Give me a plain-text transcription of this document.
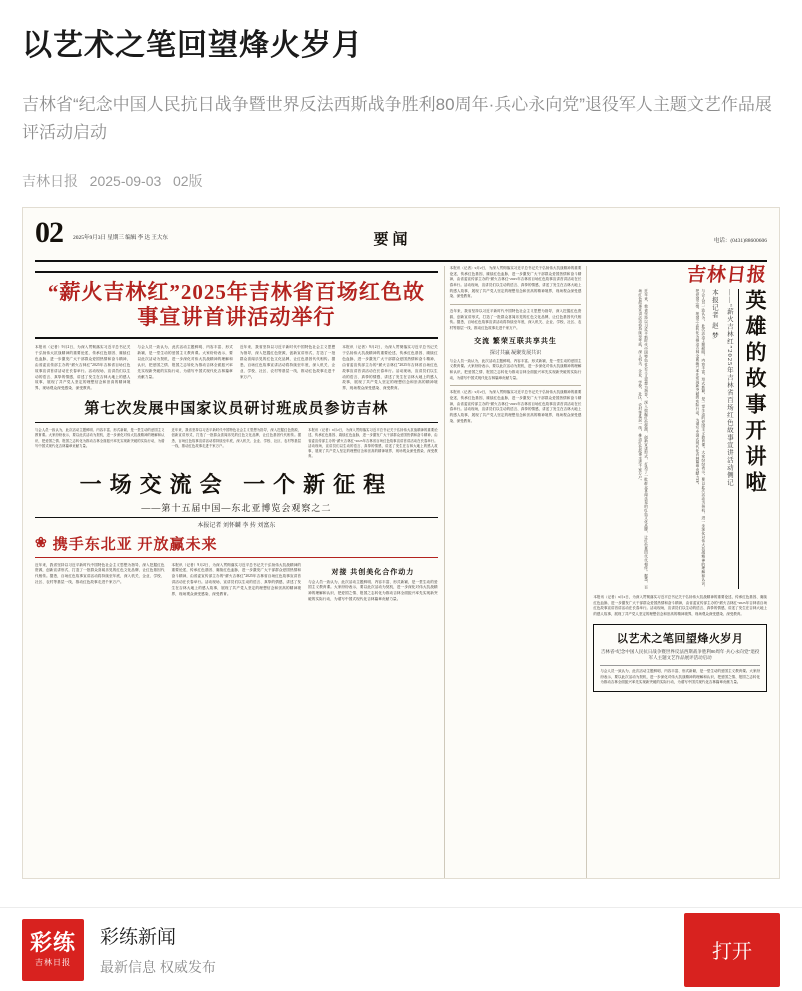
以艺术之笔回望烽火岁月
吉林省“纪念中国人民抗日战争暨世界反法西斯战争胜利80周年·兵心永向党”退役军人主题文艺作品展评活动启动
吉林日报 2025-09-03 02版
02	2025年9月3日 星期三 编辑 李 达 王大东	要闻	电话：(0431)88600606
“薪火吉林红”2025年吉林省百场红色故事宣讲首讲活动举行
本报讯（记者）9月2日，为深入贯彻落实习近平总书记关于弘扬伟大抗战精神的重要论述，传承红色基因、赓续红色血脉，进一步激发广大干部群众爱国热情和奋斗精神，由省委宣传部主办的“薪火吉林红”2025年吉林省百场红色故事宣讲首讲活动在长春举行。活动现场，宣讲员们以生动的语言、真挚的情感，讲述了发生在吉林大地上的感人故事，展现了共产党人坚定的理想信念和崇高的精神境界，现场观众深受感染、深受教育。
与会人员一致认为，此次活动主题鲜明、内容丰富、形式新颖，是一堂生动的爱国主义教育课。大家纷纷表示，要以此次活动为契机，进一步深化对伟大抗战精神的理解和认识，把爱国之情、报国之志转化为推动吉林全面振兴率先实现新突破的实际行动，为谱写中国式现代化吉林篇章贡献力量。
近年来，我省坚持以习近平新时代中国特色社会主义思想为指导，深入挖掘红色资源，创新宣讲形式，打造了一批群众喜闻乐见的红色文化品牌，让红色基因代代相传。据悉，百场红色故事宣讲活动将持续至年底，深入机关、企业、学校、社区、农村等基层一线，推动红色故事走进千家万户。
本报讯（记者）9月2日，为深入贯彻落实习近平总书记关于弘扬伟大抗战精神的重要论述，传承红色基因、赓续红色血脉，进一步激发广大干部群众爱国热情和奋斗精神，由省委宣传部主办的“薪火吉林红”2025年吉林省百场红色故事宣讲首讲活动在长春举行。活动现场，宣讲员们以生动的语言、真挚的情感，讲述了发生在吉林大地上的感人故事，展现了共产党人坚定的理想信念和崇高的精神境界，现场观众深受感染、深受教育。
第七次发展中国家议员研讨班成员参访吉林
与会人员一致认为，此次活动主题鲜明、内容丰富、形式新颖，是一堂生动的爱国主义教育课。大家纷纷表示，要以此次活动为契机，进一步深化对伟大抗战精神的理解和认识，把爱国之情、报国之志转化为推动吉林全面振兴率先实现新突破的实际行动，为谱写中国式现代化吉林篇章贡献力量。
近年来，我省坚持以习近平新时代中国特色社会主义思想为指导，深入挖掘红色资源，创新宣讲形式，打造了一批群众喜闻乐见的红色文化品牌，让红色基因代代相传。据悉，百场红色故事宣讲活动将持续至年底，深入机关、企业、学校、社区、农村等基层一线，推动红色故事走进千家万户。
本报讯（记者）9月2日，为深入贯彻落实习近平总书记关于弘扬伟大抗战精神的重要论述，传承红色基因、赓续红色血脉，进一步激发广大干部群众爱国热情和奋斗精神，由省委宣传部主办的“薪火吉林红”2025年吉林省百场红色故事宣讲首讲活动在长春举行。活动现场，宣讲员们以生动的语言、真挚的情感，讲述了发生在吉林大地上的感人故事，展现了共产党人坚定的理想信念和崇高的精神境界，现场观众深受感染、深受教育。
一场交流会 一个新征程
——第十五届中国—东北亚博览会观察之二
本报记者 刘怀麟 李 抟 刘富东
❀ 携手东北亚 开放赢未来
近年来，我省坚持以习近平新时代中国特色社会主义思想为指导，深入挖掘红色资源，创新宣讲形式，打造了一批群众喜闻乐见的红色文化品牌，让红色基因代代相传。据悉，百场红色故事宣讲活动将持续至年底，深入机关、企业、学校、社区、农村等基层一线，推动红色故事走进千家万户。
本报讯（记者）9月2日，为深入贯彻落实习近平总书记关于弘扬伟大抗战精神的重要论述，传承红色基因、赓续红色血脉，进一步激发广大干部群众爱国热情和奋斗精神，由省委宣传部主办的“薪火吉林红”2025年吉林省百场红色故事宣讲首讲活动在长春举行。活动现场，宣讲员们以生动的语言、真挚的情感，讲述了发生在吉林大地上的感人故事，展现了共产党人坚定的理想信念和崇高的精神境界，现场观众深受感染、深受教育。
对接 共创美化合作动力
与会人员一致认为，此次活动主题鲜明、内容丰富、形式新颖，是一堂生动的爱国主义教育课。大家纷纷表示，要以此次活动为契机，进一步深化对伟大抗战精神的理解和认识，把爱国之情、报国之志转化为推动吉林全面振兴率先实现新突破的实际行动，为谱写中国式现代化吉林篇章贡献力量。
本报讯（记者）9月2日，为深入贯彻落实习近平总书记关于弘扬伟大抗战精神的重要论述，传承红色基因、赓续红色血脉，进一步激发广大干部群众爱国热情和奋斗精神，由省委宣传部主办的“薪火吉林红”2025年吉林省百场红色故事宣讲首讲活动在长春举行。活动现场，宣讲员们以生动的语言、真挚的情感，讲述了发生在吉林大地上的感人故事，展现了共产党人坚定的理想信念和崇高的精神境界，现场观众深受感染、深受教育。
近年来，我省坚持以习近平新时代中国特色社会主义思想为指导，深入挖掘红色资源，创新宣讲形式，打造了一批群众喜闻乐见的红色文化品牌，让红色基因代代相传。据悉，百场红色故事宣讲活动将持续至年底，深入机关、企业、学校、社区、农村等基层一线，推动红色故事走进千家万户。
交流 繁荣互联共享共生
探讨共赢 凝聚发展共识
与会人员一致认为，此次活动主题鲜明、内容丰富、形式新颖，是一堂生动的爱国主义教育课。大家纷纷表示，要以此次活动为契机，进一步深化对伟大抗战精神的理解和认识，把爱国之情、报国之志转化为推动吉林全面振兴率先实现新突破的实际行动，为谱写中国式现代化吉林篇章贡献力量。
本报讯（记者）9月2日，为深入贯彻落实习近平总书记关于弘扬伟大抗战精神的重要论述，传承红色基因、赓续红色血脉，进一步激发广大干部群众爱国热情和奋斗精神，由省委宣传部主办的“薪火吉林红”2025年吉林省百场红色故事宣讲首讲活动在长春举行。活动现场，宣讲员们以生动的语言、真挚的情感，讲述了发生在吉林大地上的感人故事，展现了共产党人坚定的理想信念和崇高的精神境界，现场观众深受感染、深受教育。
吉林日报
近年来，我省坚持以习近平新时代中国特色社会主义思想为指导，深入挖掘红色资源，创新宣讲形式，打造了一批群众喜闻乐见的红色文化品牌，让红色基因代代相传。据悉，百场红色故事宣讲活动将持续至年底，深入机关、企业、学校、社区、农村等基层一线，推动红色故事走进千家万户。	与会人员一致认为，此次活动主题鲜明、内容丰富、形式新颖，是一堂生动的爱国主义教育课。大家纷纷表示，要以此次活动为契机，进一步深化对伟大抗战精神的理解和认识，把爱国之情、报国之志转化为推动吉林全面振兴率先实现新突破的实际行动，为谱写中国式现代化吉林篇章贡献力量。	本报记者 赵 梦	——“薪火吉林红”2025年吉林省百场红色故事宣讲活动侧记 英雄的故事开讲啦
本报讯（记者）9月2日，为深入贯彻落实习近平总书记关于弘扬伟大抗战精神的重要论述，传承红色基因、赓续红色血脉，进一步激发广大干部群众爱国热情和奋斗精神，由省委宣传部主办的“薪火吉林红”2025年吉林省百场红色故事宣讲首讲活动在长春举行。活动现场，宣讲员们以生动的语言、真挚的情感，讲述了发生在吉林大地上的感人故事，展现了共产党人坚定的理想信念和崇高的精神境界，现场观众深受感染、深受教育。
以艺术之笔回望烽火岁月
吉林省“纪念中国人民抗日战争暨世界反法西斯战争胜利80周年·兵心永向党”退役军人主题文艺作品展评活动启动
与会人员一致认为，此次活动主题鲜明、内容丰富、形式新颖，是一堂生动的爱国主义教育课。大家纷纷表示，要以此次活动为契机，进一步深化对伟大抗战精神的理解和认识，把爱国之情、报国之志转化为推动吉林全面振兴率先实现新突破的实际行动，为谱写中国式现代化吉林篇章贡献力量。
彩练
吉林日报
彩练新闻
最新信息 权威发布
打开
